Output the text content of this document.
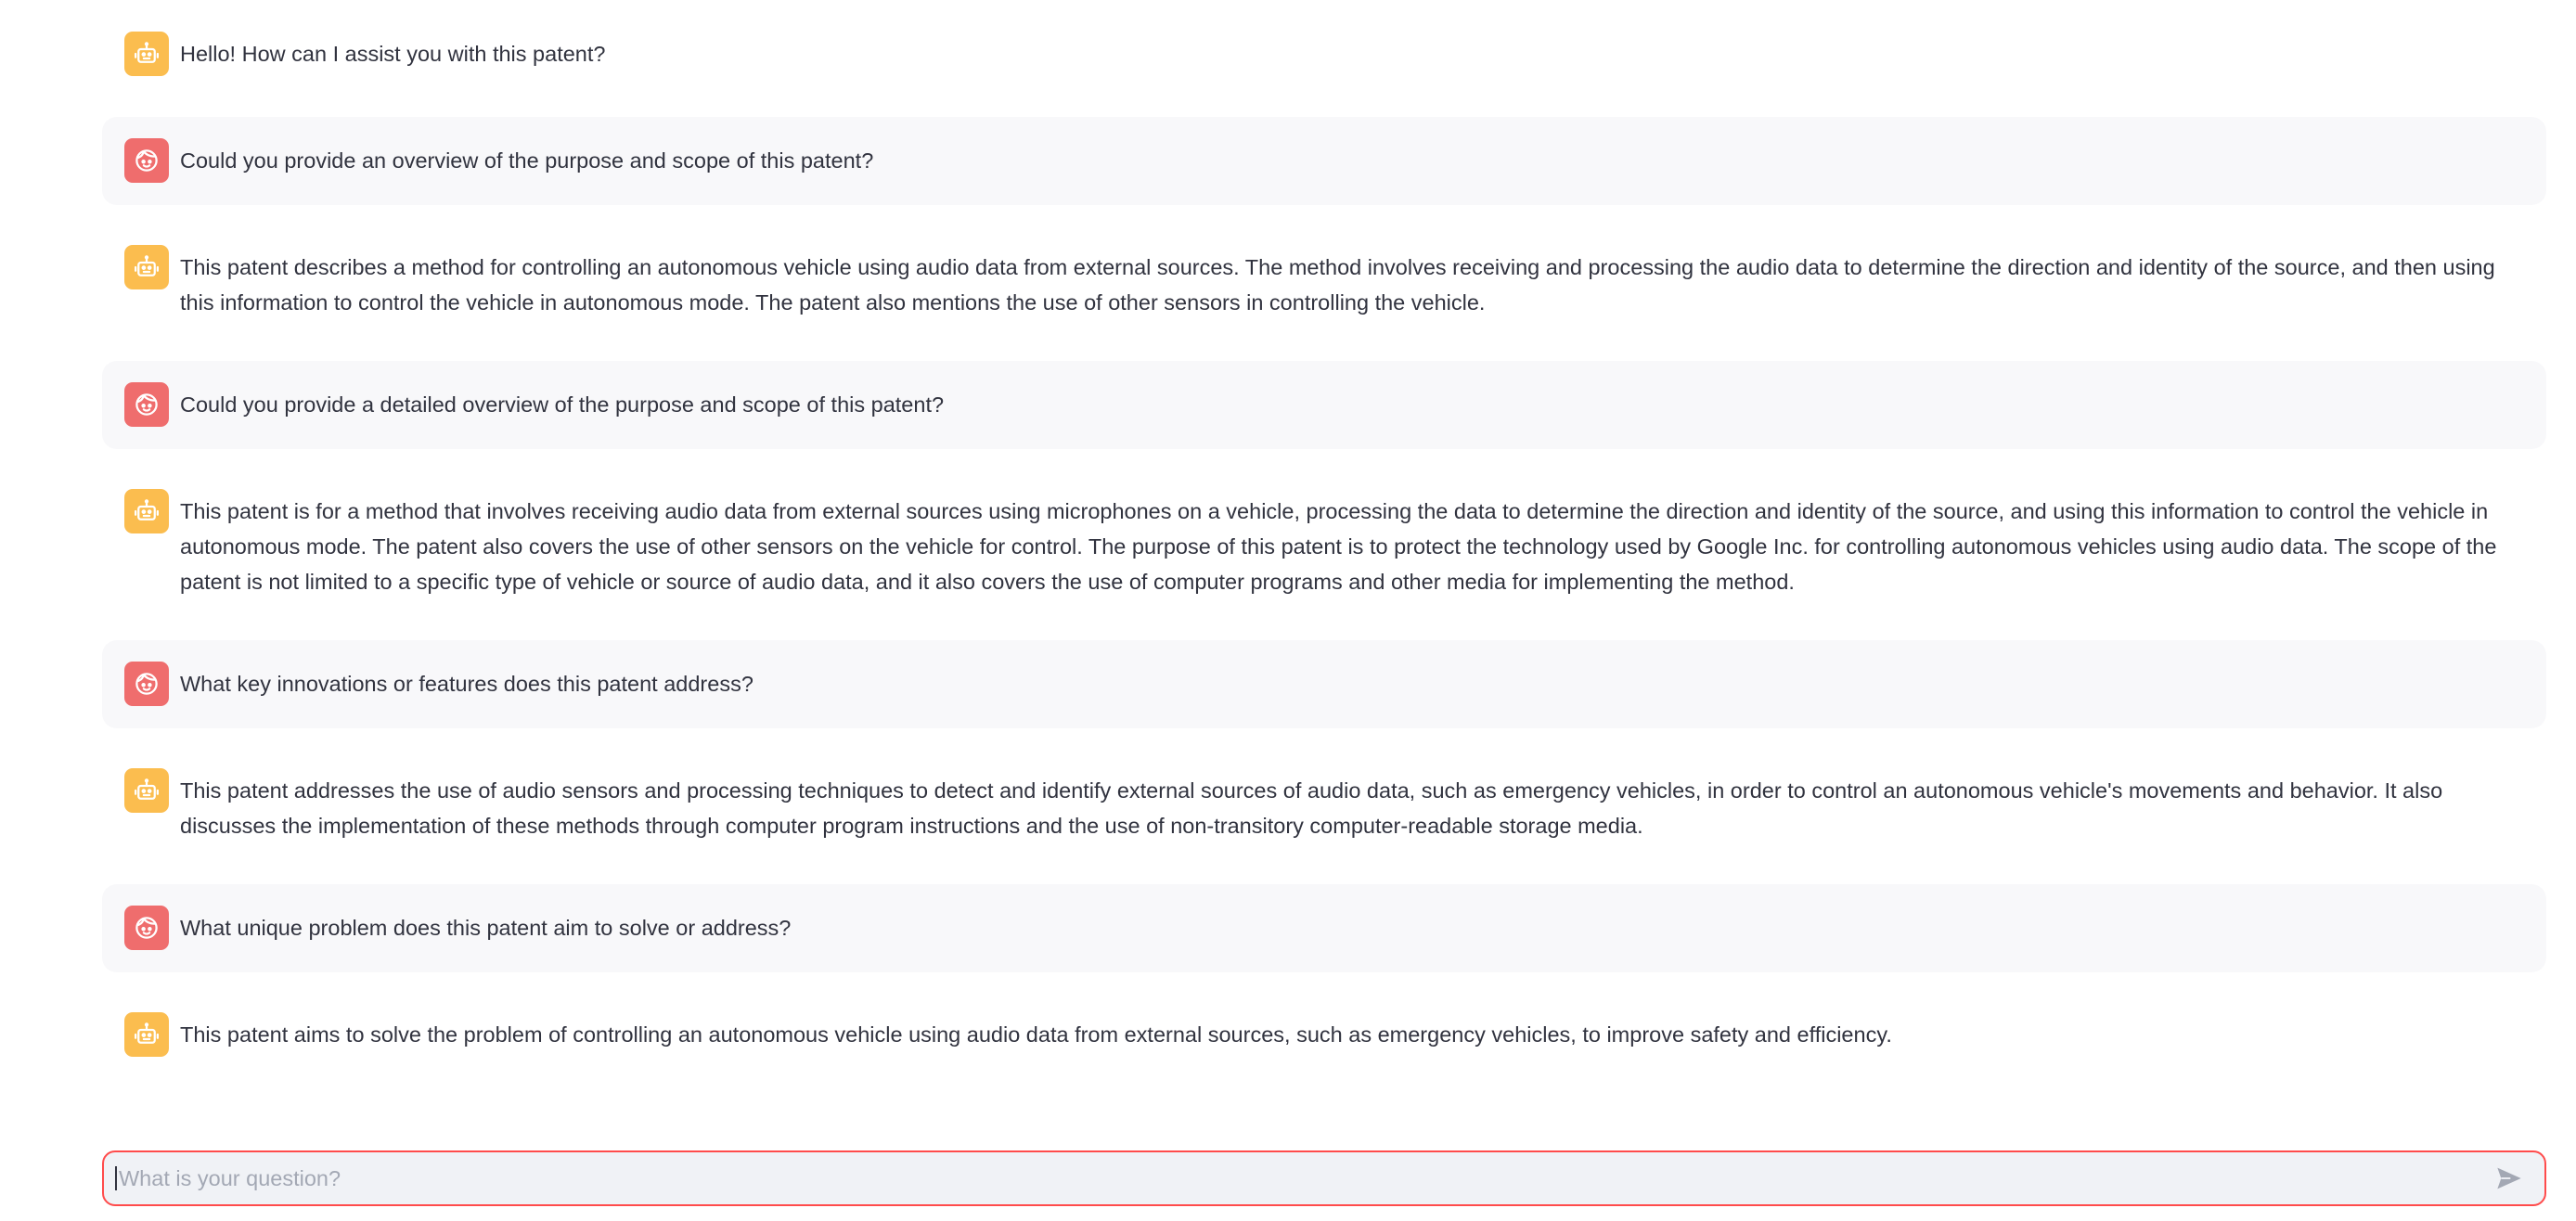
Hello! How can I assist you with this patent?
Could you provide an overview of the purpose and scope of this patent?
This patent describes a method for controlling an autonomous vehicle using audio data from external sources. The method involves receiving and processing the audio data to determine the direction and identity of the source, and then using this information to control the vehicle in autonomous mode. The patent also mentions the use of other sensors in controlling the vehicle.
Could you provide a detailed overview of the purpose and scope of this patent?
This patent is for a method that involves receiving audio data from external sources using microphones on a vehicle, processing the data to determine the direction and identity of the source, and using this information to control the vehicle in autonomous mode. The patent also covers the use of other sensors on the vehicle for control. The purpose of this patent is to protect the technology used by Google Inc. for controlling autonomous vehicles using audio data. The scope of the patent is not limited to a specific type of vehicle or source of audio data, and it also covers the use of computer programs and other media for implementing the method.
What key innovations or features does this patent address?
This patent addresses the use of audio sensors and processing techniques to detect and identify external sources of audio data, such as emergency vehicles, in order to control an autonomous vehicle's movements and behavior. It also discusses the implementation of these methods through computer program instructions and the use of non-transitory computer-readable storage media.
What unique problem does this patent aim to solve or address?
This patent aims to solve the problem of controlling an autonomous vehicle using audio data from external sources, such as emergency vehicles, to improve safety and efficiency.
What is your question?
